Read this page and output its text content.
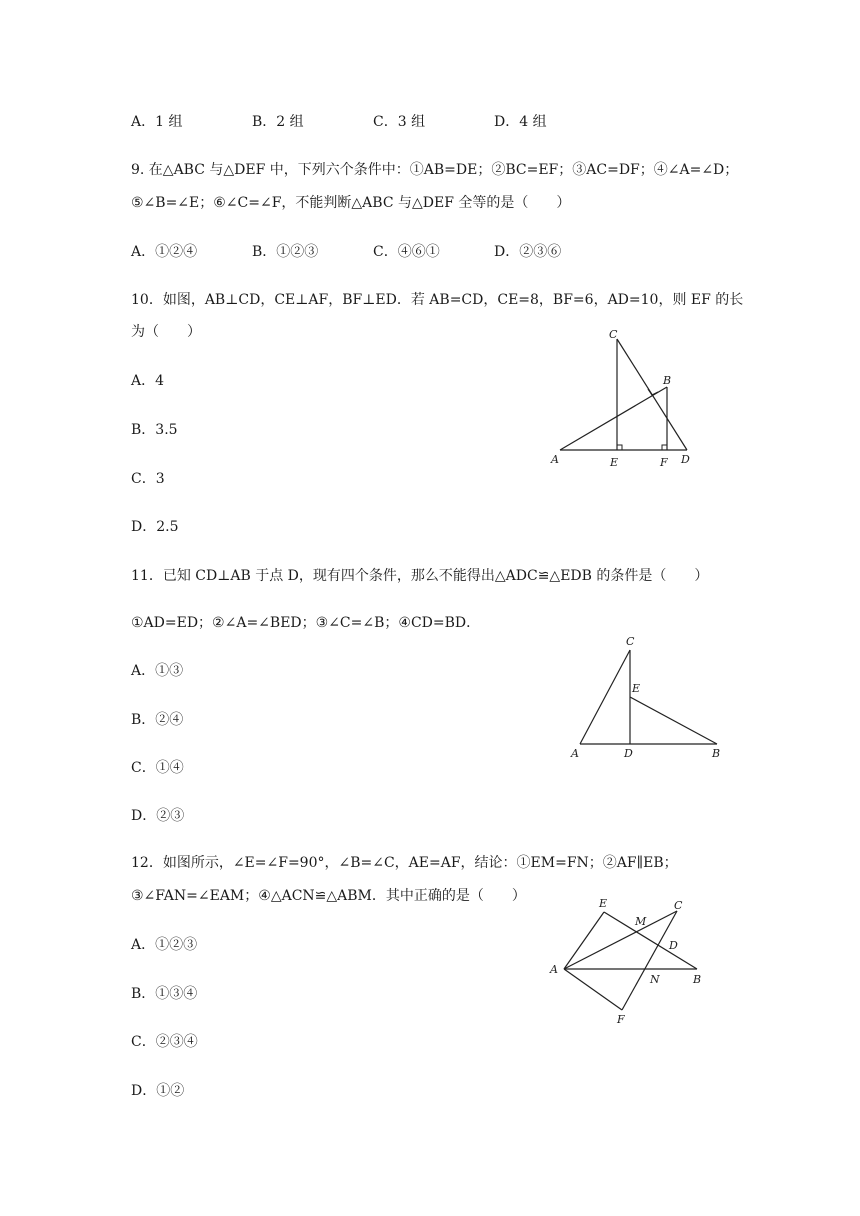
A．1 组	B．2 组	C．3 组	D．4 组
9. 在△ABC 与△DEF 中，下列六个条件中：①AB=DE；②BC=EF；③AC=DF；④∠A=∠D；
⑤∠B=∠E；⑥∠C=∠F，不能判断△ABC 与△DEF 全等的是（　　）
A．①②④	B．①②③	C．④⑥①	D．②③⑥
10．如图，AB⊥CD，CE⊥AF，BF⊥ED．若 AB=CD，CE=8，BF=6，AD=10，则 EF 的长
为（　　）
A．4
B．3.5
C．3
D．2.5
C
B
A	E	F D
11．已知 CD⊥AB 于点 D，现有四个条件，那么不能得出△ADC≌△EDB 的条件是（　　）
①AD=ED；②∠A=∠BED；③∠C=∠B；④CD=BD．
A．①③
B．②④
C．①④
D．②③
C
E
A	D	B
12．如图所示，∠E=∠F=90°，∠B=∠C，AE=AF，结论：①EM=FN；②AF∥EB；
③∠FAN=∠EAM；④△ACN≌△ABM．其中正确的是（　　）
A．①②③
B．①③④
C．②③④
D．①②
E
M
C
D
A
N	B
F
